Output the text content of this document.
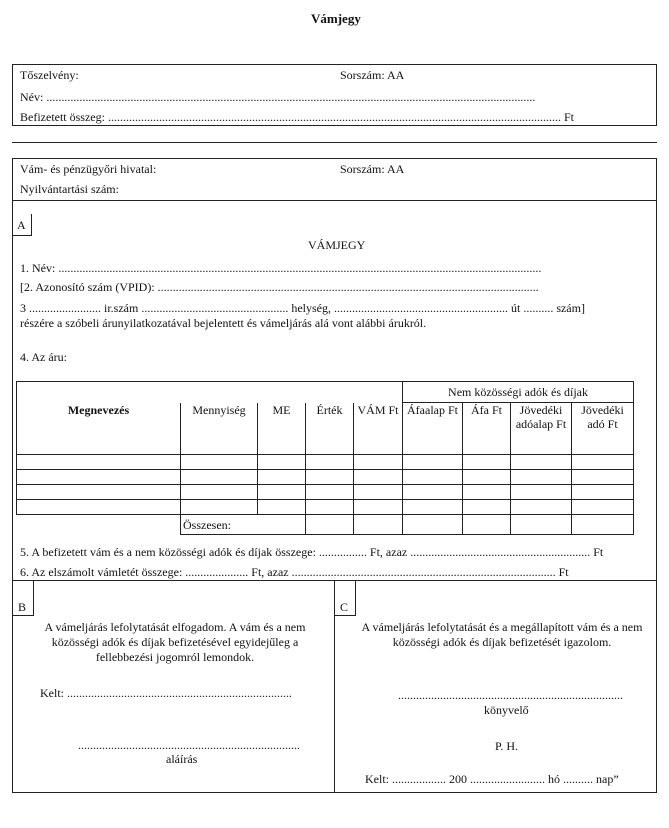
Vámjegy
Tőszelvény:	Sorszám: AA
Név: ...................................................................................................................................................................
Befizetett összeg: ....................................................................................................................................................... Ft
Vám- és pénzügyőri hivatal:	Sorszám: AA
Nyilvántartási szám:
A
VÁMJEGY
1. Név: .................................................................................................................................................................
[2. Azonosító szám (VPID): ...............................................................................................................................
3 ........................ ir.szám ................................................. helység, .......................................................... út .......... szám]
részére a szóbeli árunyilatkozatával bejelentett és vámeljárás alá vont alábbi árukról.
4. Az áru:
					Nem közösségi adók és díjak			
Megnevezés	Mennyiség	ME	Érték	VÁM Ft	Áfaalap Ft	Áfa Ft	Jövedéki adóalap Ft	Jövedéki adó Ft

	Összesen:							
5. A befizetett vám és a nem közösségi adók és díjak összege: ................ Ft, azaz ............................................................ Ft
6. Az elszámolt vámletét összege: ..................... Ft, azaz ........................................................................................ Ft
B	C
A vámeljárás lefolytatását elfogadom. A vám és a nem közösségi adók és díjak befizetésével egyidejűleg a fellebbezési jogomról lemondok.
Kelt: ...........................................................................
..........................................................................
aláírás
A vámeljárás lefolytatását és a megállapított vám és a nem közösségi adók és díjak befizetését igazolom.
...........................................................................
könyvelő
P. H.
Kelt: .................. 200 ......................... hó .......... nap”
